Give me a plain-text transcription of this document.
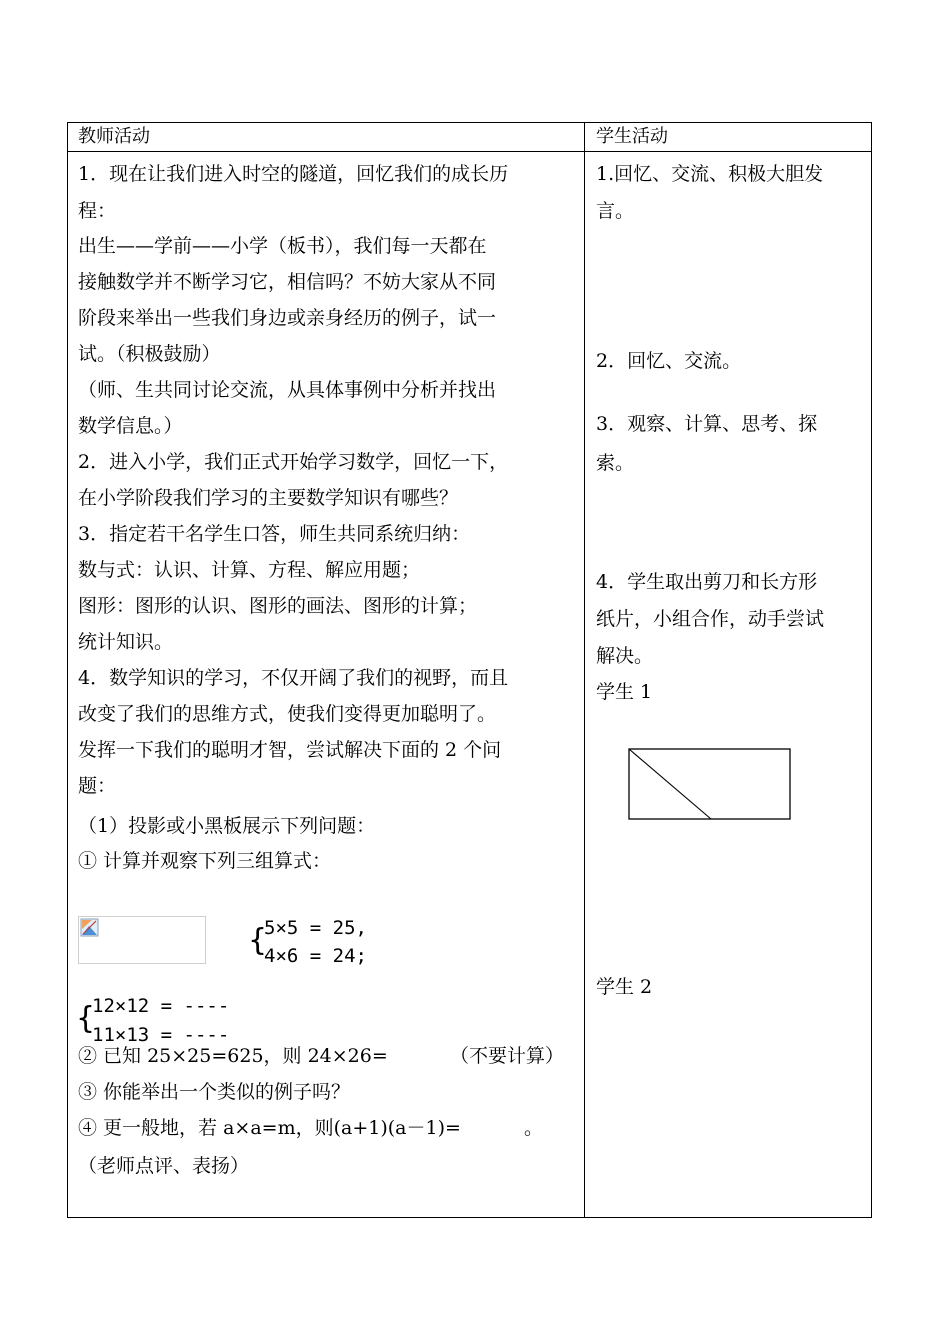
教师活动	学生活动
1．现在让我们进入时空的隧道，回忆我们的成长历
程：
出生——学前——小学（板书），我们每一天都在
接触数学并不断学习它，相信吗？不妨大家从不同
阶段来举出一些我们身边或亲身经历的例子，试一
试。（积极鼓励）
（师、生共同讨论交流，从具体事例中分析并找出
数学信息。）
2．进入小学，我们正式开始学习数学，回忆一下，
在小学阶段我们学习的主要数学知识有哪些？
3．指定若干名学生口答，师生共同系统归纳：
数与式：认识、计算、方程、解应用题；
图形：图形的认识、图形的画法、图形的计算；
统计知识。
4．数学知识的学习，不仅开阔了我们的视野，而且
改变了我们的思维方式，使我们变得更加聪明了。
发挥一下我们的聪明才智，尝试解决下面的 2 个问
题：
（1）投影或小黑板展示下列问题：
① 计算并观察下列三组算式：
{
5×5 = 25,
4×6 = 24;
{
12×12 = ----
11×13 = ----
② 已知 25×25=625，则 24×26=	（不要计算）
③ 你能举出一个类似的例子吗？
④ 更一般地，若 a×a=m，则(a+1)(a－1)=	。
（老师点评、表扬）
1.回忆、交流、积极大胆发
言。
2．回忆、交流。
3．观察、计算、思考、探
索。
4．学生取出剪刀和长方形
纸片，小组合作，动手尝试
解决。
学生 1
学生 2
